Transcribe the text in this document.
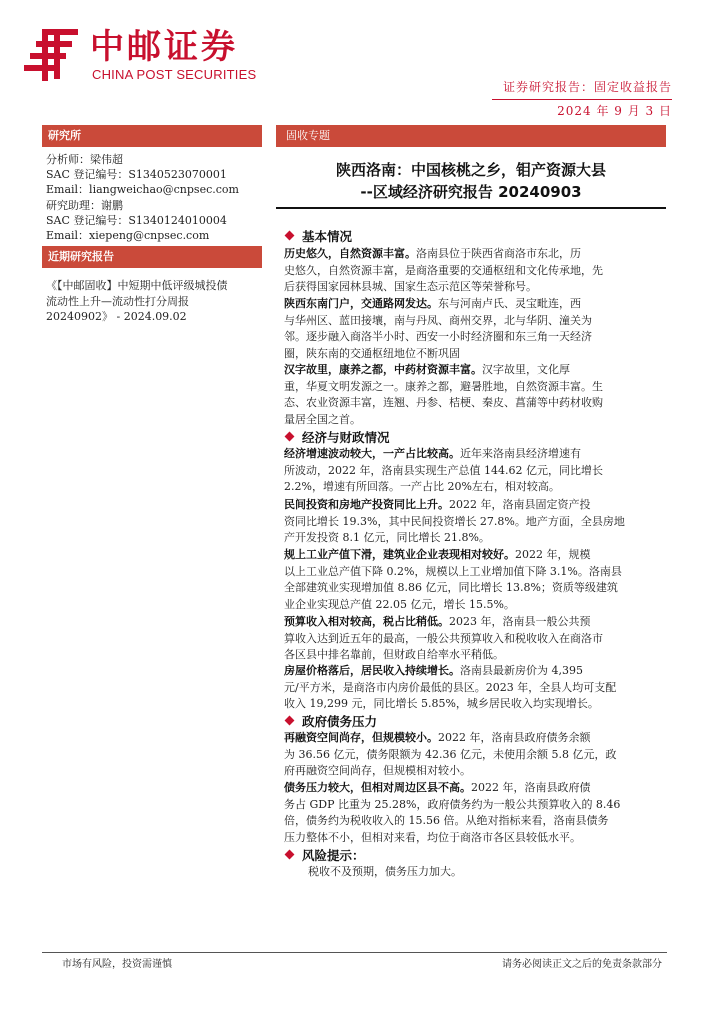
中邮证券
CHINA POST SECURITIES
证券研究报告：固定收益报告
2024 年 9 月 3 日
研究所
分析师：梁伟超
SAC 登记编号：S1340523070001
Email：liangweichao@cnpsec.com
研究助理：谢鹏
SAC 登记编号：S1340124010004
Email：xiepeng@cnpsec.com
近期研究报告
《【中邮固收】中短期中低评级城投债
流动性上升—流动性打分周报
20240902》 - 2024.09.02
固收专题
陕西洛南：中国核桃之乡，钼产资源大县
--区域经济研究报告 20240903
基本情况
历史悠久，自然资源丰富。洛南县位于陕西省商洛市东北，历
史悠久，自然资源丰富，是商洛重要的交通枢纽和文化传承地，先
后获得国家园林县城、国家生态示范区等荣誉称号。
陕西东南门户，交通路网发达。东与河南卢氏、灵宝毗连，西
与华州区、蓝田接壤，南与丹凤、商州交界，北与华阴、潼关为
邻。逐步融入商洛半小时、西安一小时经济圈和东三角一天经济
圈，陕东南的交通枢纽地位不断巩固
汉字故里，康养之都，中药材资源丰富。汉字故里，文化厚
重，华夏文明发源之一。康养之都，避暑胜地，自然资源丰富。生
态、农业资源丰富，连翘、丹参、桔梗、秦皮、菖蒲等中药材收购
量居全国之首。
经济与财政情况
经济增速波动较大，一产占比较高。近年来洛南县经济增速有
所波动，2022 年，洛南县实现生产总值 144.62 亿元，同比增长
2.2%，增速有所回落。一产占比 20%左右，相对较高。
民间投资和房地产投资同比上升。2022 年，洛南县固定资产投
资同比增长 19.3%，其中民间投资增长 27.8%。地产方面，全县房地
产开发投资 8.1 亿元，同比增长 21.8%。
规上工业产值下滑，建筑业企业表现相对较好。2022 年，规模
以上工业总产值下降 0.2%，规模以上工业增加值下降 3.1%。洛南县
全部建筑业实现增加值 8.86 亿元，同比增长 13.8%；资质等级建筑
业企业实现总产值 22.05 亿元，增长 15.5%。
预算收入相对较高，税占比稍低。2023 年，洛南县一般公共预
算收入达到近五年的最高，一般公共预算收入和税收收入在商洛市
各区县中排名靠前，但财政自给率水平稍低。
房屋价格落后，居民收入持续增长。洛南县最新房价为 4,395
元/平方米，是商洛市内房价最低的县区。2023 年，全县人均可支配
收入 19,299 元，同比增长 5.85%，城乡居民收入均实现增长。
政府债务压力
再融资空间尚存，但规模较小。2022 年，洛南县政府债务余额
为 36.56 亿元，债务限额为 42.36 亿元，未使用余额 5.8 亿元，政
府再融资空间尚存，但规模相对较小。
债务压力较大，但相对周边区县不高。2022 年，洛南县政府债
务占 GDP 比重为 25.28%，政府债务约为一般公共预算收入的 8.46
倍，债务约为税收收入的 15.56 倍。从绝对指标来看，洛南县债务
压力整体不小，但相对来看，均位于商洛市各区县较低水平。
风险提示：
税收不及预期，债务压力加大。
市场有风险，投资需谨慎	请务必阅读正文之后的免责条款部分
